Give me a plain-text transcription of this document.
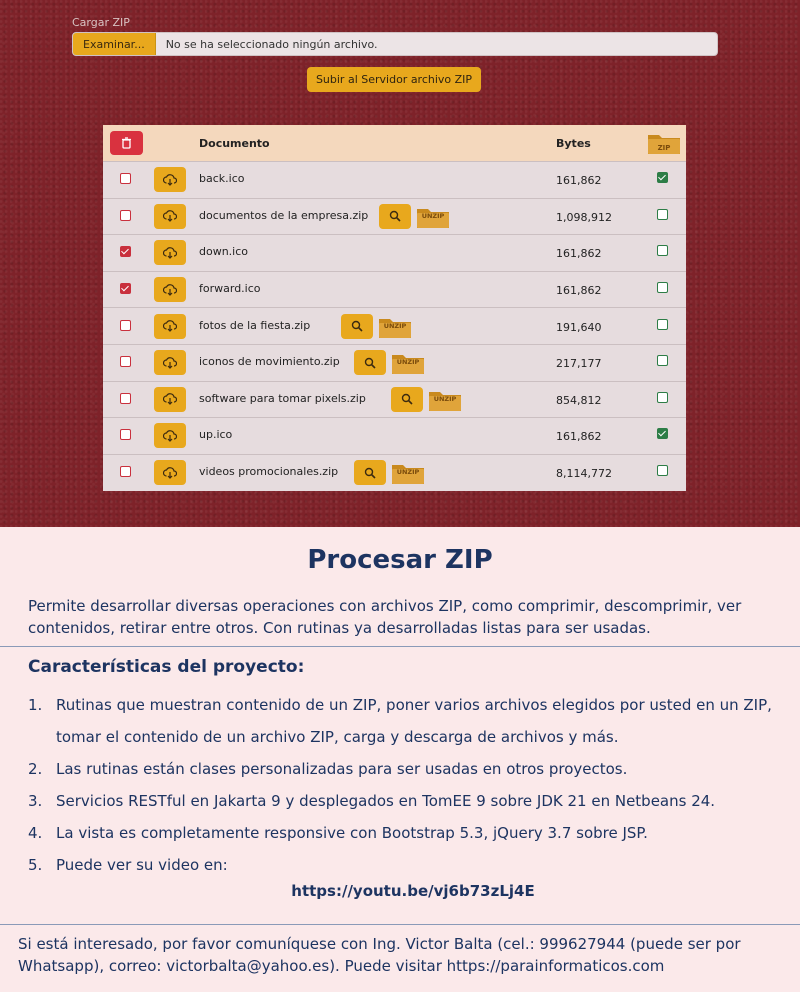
Cargar ZIP
Examinar...	No se ha seleccionado ningún archivo.
Subir al Servidor archivo ZIP
Documento	Bytes	ZIP
back.ico	161,862
documentos de la empresa.zip	UNZIP	1,098,912
down.ico	161,862
forward.ico	161,862
fotos de la fiesta.zip	UNZIP	191,640
iconos de movimiento.zip	UNZIP	217,177
software para tomar pixels.zip	UNZIP	854,812
up.ico	161,862
videos promocionales.zip	UNZIP	8,114,772
Procesar ZIP
Permite desarrollar diversas operaciones con archivos ZIP, como comprimir, descomprimir, ver contenidos, retirar entre otros. Con rutinas ya desarrolladas listas para ser usadas.
Características del proyecto:
1. Rutinas que muestran contenido de un ZIP, poner varios archivos elegidos por usted en un ZIP, tomar el contenido de un archivo ZIP, carga y descarga de archivos y más.
2. Las rutinas están clases personalizadas para ser usadas en otros proyectos.
3. Servicios RESTful en Jakarta 9 y desplegados en TomEE 9 sobre JDK 21 en Netbeans 24.
4. La vista es completamente responsive con Bootstrap 5.3, jQuery 3.7 sobre JSP.
5. Puede ver su video en:
https://youtu.be/vj6b73zLj4E
Si está interesado, por favor comuníquese con Ing. Victor Balta (cel.: 999627944 (puede ser por Whatsapp), correo: victorbalta@yahoo.es). Puede visitar https://parainformaticos.com
